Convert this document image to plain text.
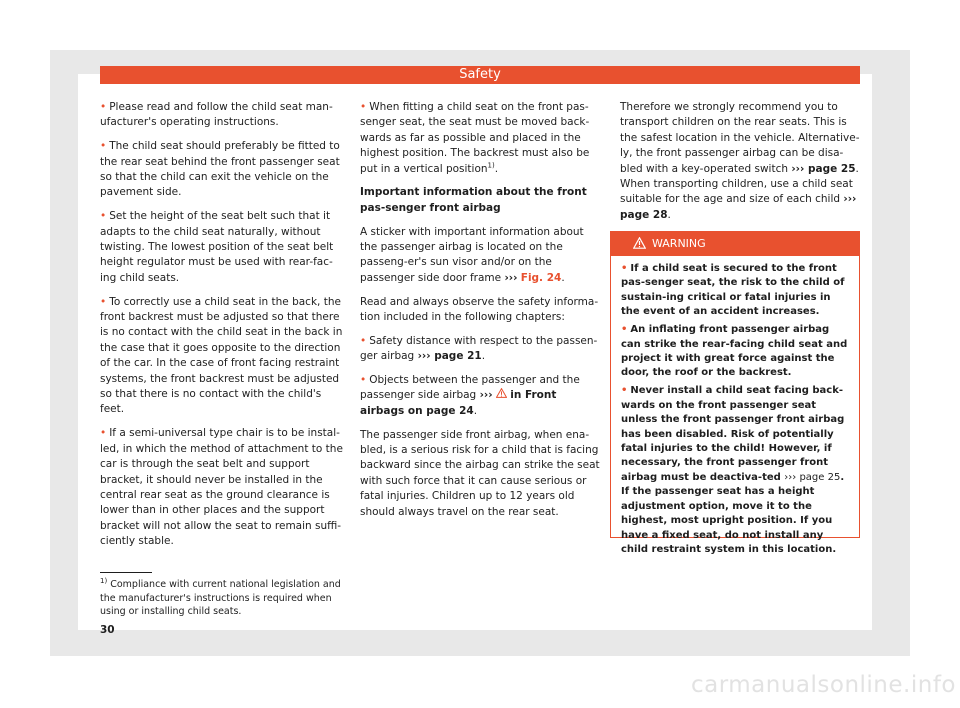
Safety

• Please read and follow the child seat man-ufacturer's operating instructions.

• The child seat should preferably be fitted to the rear seat behind the front passenger seat so that the child can exit the vehicle on the pavement side.

• Set the height of the seat belt such that it adapts to the child seat naturally, without twisting. The lowest position of the seat belt height regulator must be used with rear-fac-ing child seats.

• To correctly use a child seat in the back, the front backrest must be adjusted so that there is no contact with the child seat in the back in the case that it goes opposite to the direction of the car. In the case of front facing restraint systems, the front backrest must be adjusted so that there is no contact with the child's feet.

• If a semi-universal type chair is to be instal-led, in which the method of attachment to the car is through the seat belt and support bracket, it should never be installed in the central rear seat as the ground clearance is lower than in other places and the support bracket will not allow the seat to remain suffi-ciently stable.

• When fitting a child seat on the front pas-senger seat, the seat must be moved back-wards as far as possible and placed in the highest position. The backrest must also be put in a vertical position$^{1)}$.

Important information about the front pas-senger front airbag

A sticker with important information about the passenger airbag is located on the passeng-er's sun visor and/or on the passenger side door frame ››› Fig. 24.

Read and always observe the safety informa-tion included in the following chapters:

• Safety distance with respect to the passen-ger airbag ››› page 21.

• Objects between the passenger and the passenger side airbag ››› in Front airbags on page 24.

The passenger side front airbag, when ena-bled, is a serious risk for a child that is facing backward since the airbag can strike the seat with such force that it can cause serious or fatal injuries. Children up to 12 years old should always travel on the rear seat.

Therefore we strongly recommend you to transport children on the rear seats. This is the safest location in the vehicle. Alternative-ly, the front passenger airbag can be disa-bled with a key-operated switch ››› page 25. When transporting children, use a child seat suitable for the age and size of each child ››› page 28.

WARNING

• If a child seat is secured to the front pas-senger seat, the risk to the child of sustain-ing critical or fatal injuries in the event of an accident increases.

• An inflating front passenger airbag can strike the rear-facing child seat and project it with great force against the door, the roof or the backrest.

• Never install a child seat facing back-wards on the front passenger seat unless the front passenger front airbag has been disabled. Risk of potentially fatal injuries to the child! However, if necessary, the front passenger front airbag must be deactiva-ted ››› page 25. If the passenger seat has a height adjustment option, move it to the highest, most upright position. If you have a fixed seat, do not install any child restraint system in this location.

$^{1)}$ Compliance with current national legislation and the manufacturer's instructions is required when using or installing child seats.
30
carmanualsonline.info
